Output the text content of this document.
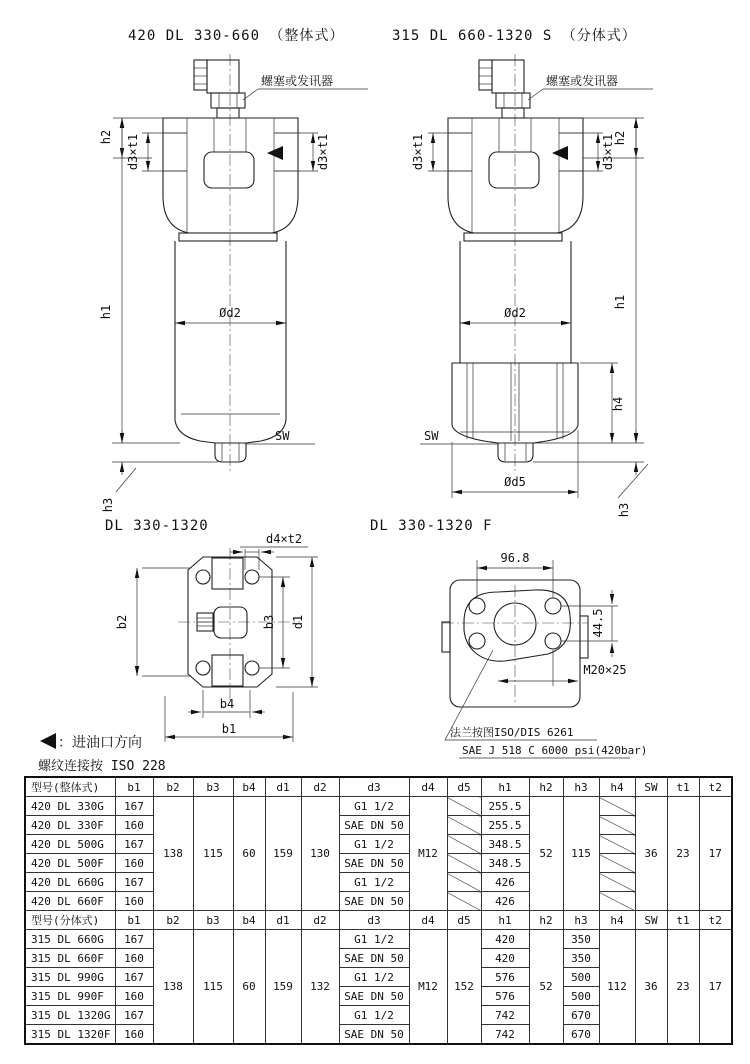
420 DL 330-660 （整体式）	315 DL 660-1320 S （分体式）
螺塞或发讯器
SW
h2
h1
h3
d3×t1	d3×t1
Ød2
螺塞或发讯器
SW
d3×t1	d3×t1
h2
h1
h4
h3
Ød2
Ød5
DL 330-1320
d4×t2
b2	b3 d1
b4
b1
DL 330-1320 F
96.8
44.5
M20×25
法兰按图ISO/DIS 6261
SAE J 518 C 6000 psi(420bar)
：进油口方向
螺纹连接按 ISO 228
型号(整体式)	b1	b2	b3	b4	d1	d2	d3	d4	d5	h1	h2	h3	h4	SW	t1	t2
420 DL 330G	167	138	115	60	159	130	G1 1/2	M12		255.5	52	115		36	23	17
420 DL 330F	160						SAE DN 50			255.5						
420 DL 500G	167						G1 1/2			348.5						
420 DL 500F	160						SAE DN 50			348.5						
420 DL 660G	167						G1 1/2			426						
420 DL 660F	160						SAE DN 50			426						
型号(分体式)	b1	b2	b3	b4	d1	d2	d3	d4	d5	h1	h2	h3	h4	SW	t1	t2
315 DL 660G	167	138	115	60	159	132	G1 1/2	M12	152	420	52	350	112	36	23	17
315 DL 660F	160						SAE DN 50			420		350				
315 DL 990G	167						G1 1/2			576		500				
315 DL 990F	160						SAE DN 50			576		500				
315 DL 1320G	167						G1 1/2			742		670				
315 DL 1320F	160						SAE DN 50			742		670				
